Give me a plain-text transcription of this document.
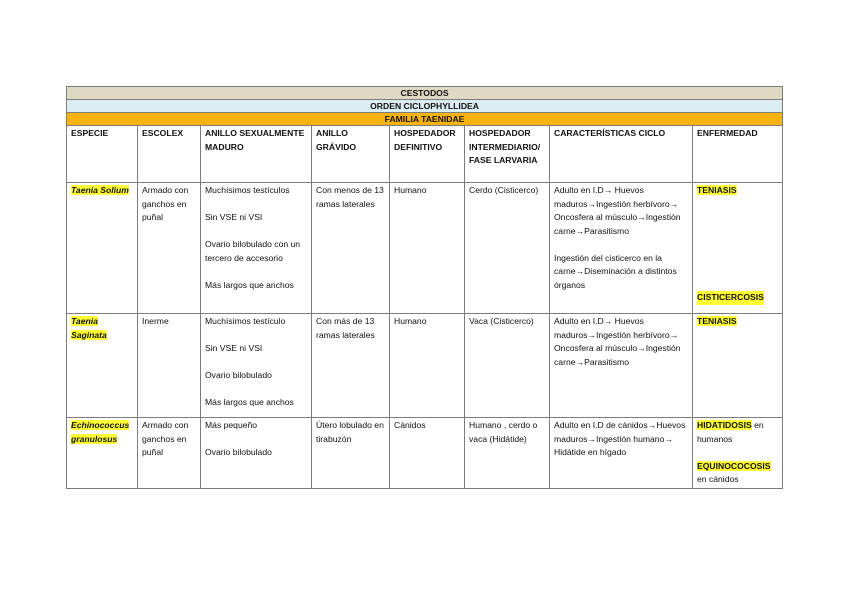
CESTODOS							
ORDEN CICLOPHYLLIDEA							
FAMILIA TAENIDAE							
ESPECIE	ESCOLEX	ANILLO SEXUALMENTE MADURO	ANILLO GRÁVIDO	HOSPEDADOR DEFINITIVO	HOSPEDADOR INTERMEDIARIO/FASE LARVARIA	CARACTERÍSTICAS CICLO	ENFERMEDAD
Taenia Solium	Armado con ganchos en puñal	Muchísimos testículos
Sin VSE ni VSI
Ovario bilobulado con un tercero de accesorio
Más largos que anchos	Con menos de 13 ramas laterales	Humano	Cerdo (Cisticerco)	Adulto en I.D→ Huevos maduros→Ingestión herbívoro→ Oncosfera al músculo→Ingestión carne→Parasitismo
Ingestión del cisticerco en la carne→Diseminación a distintos órganos	TENIASIS
CISTICERCOSIS

Taenia Saginata	Inerme	Muchísimos testículo
Sin VSE ni VSI
Ovario bilobulado
Más largos que anchos	Con más de 13 ramas laterales	Humano	Vaca (Cisticerco)	Adulto en I.D→ Huevos maduros→Ingestión herbívoro→ Oncosfera al músculo→Ingestión carne→Parasitismo	TENIASIS
Echinococcus granulosus	Armado con ganchos en puñal	Más pequeño
Ovario bilobulado	Útero lobulado en tirabuzón	Cánidos	Humano , cerdo o vaca (Hidátide)	Adulto en I.D de cánidos→Huevos maduros→Ingestión humano→ Hidátide en hígado	HIDATIDOSIS en humanos
EQUINOCOCOSIS
en cánidos
